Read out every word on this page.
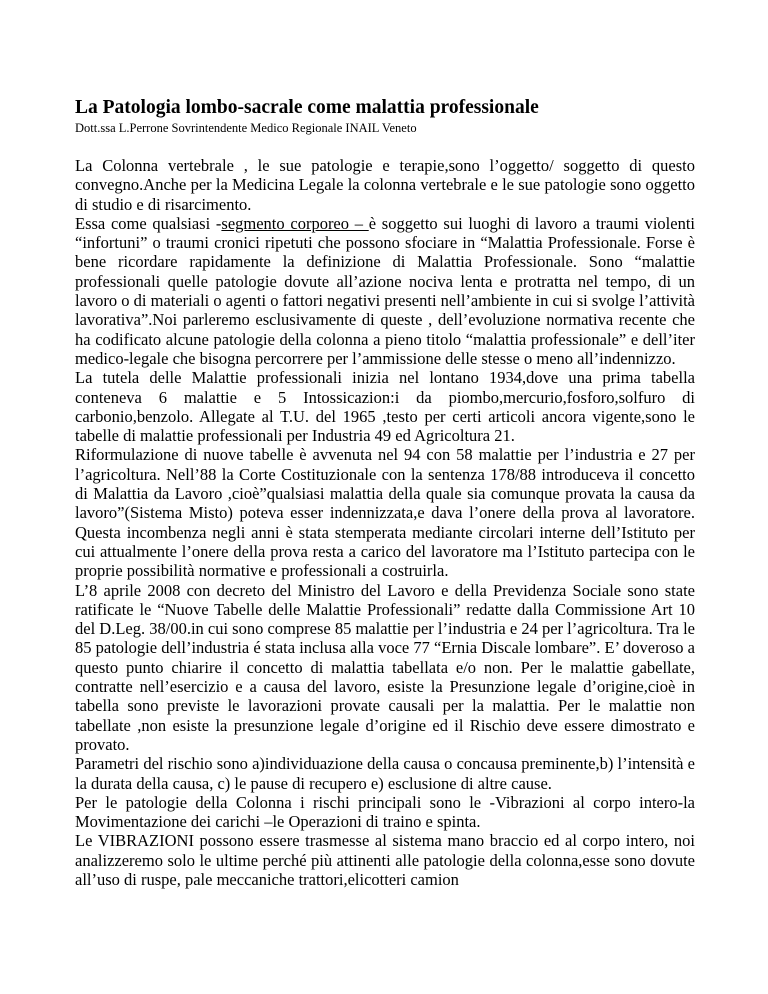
La Patologia lombo-sacrale come malattia professionale
Dott.ssa L.Perrone Sovrintendente Medico Regionale INAIL Veneto

La Colonna vertebrale , le sue patologie e terapie,sono l’oggetto/ soggetto di questo convegno.Anche per la Medicina Legale la colonna vertebrale e le sue patologie sono oggetto di studio e di risarcimento.

Essa come qualsiasi -segmento corporeo – è soggetto sui luoghi di lavoro a traumi violenti “infortuni” o traumi cronici ripetuti che possono sfociare in “Malattia Professionale. Forse è bene ricordare rapidamente la definizione di Malattia Professionale. Sono “malattie professionali quelle patologie dovute all’azione nociva lenta e protratta nel tempo, di un lavoro o di materiali o agenti o fattori negativi presenti nell’ambiente in cui si svolge l’attività lavorativa”.Noi parleremo esclusivamente di queste , dell’evoluzione normativa recente che ha codificato alcune patologie della colonna a pieno titolo “malattia professionale” e dell’iter medico-legale che bisogna percorrere per l’ammissione delle stesse o meno all’indennizzo.

La tutela delle Malattie professionali inizia nel lontano 1934,dove una prima tabella conteneva 6 malattie e 5 Intossicazion:i da piombo,mercurio,fosforo,solfuro di carbonio,benzolo. Allegate al T.U. del 1965 ,testo per certi articoli ancora vigente,sono le tabelle di malattie professionali per Industria 49 ed Agricoltura 21.

Riformulazione di nuove tabelle è avvenuta nel 94 con 58 malattie per l’industria e 27 per l’agricoltura. Nell’88 la Corte Costituzionale con la sentenza 178/88 introduceva il concetto di Malattia da Lavoro ,cioè”qualsiasi malattia della quale sia comunque provata la causa da lavoro”(Sistema Misto) poteva esser indennizzata,e dava l’onere della prova al lavoratore. Questa incombenza negli anni è stata stemperata mediante circolari interne dell’Istituto per cui attualmente l’onere della prova resta a carico del lavoratore ma l’Istituto partecipa con le proprie possibilità normative e professionali a costruirla.

L’8 aprile 2008 con decreto del Ministro del Lavoro e della Previdenza Sociale sono state ratificate le “Nuove Tabelle delle Malattie Professionali” redatte dalla Commissione Art 10 del D.Leg. 38/00.in cui sono comprese 85 malattie per l’industria e 24 per l’agricoltura. Tra le 85 patologie dell’industria é stata inclusa alla voce 77 “Ernia Discale lombare”. E’ doveroso a questo punto chiarire il concetto di malattia tabellata e/o non. Per le malattie gabellate, contratte nell’esercizio e a causa del lavoro, esiste la Presunzione legale d’origine,cioè in tabella sono previste le lavorazioni provate causali per la malattia. Per le malattie non tabellate ,non esiste la presunzione legale d’origine ed il Rischio deve essere dimostrato e provato.

Parametri del rischio sono a)individuazione della causa o concausa preminente,b) l’intensità e la durata della causa, c) le pause di recupero e) esclusione di altre cause.

Per le patologie della Colonna i rischi principali sono le -Vibrazioni al corpo intero-la Movimentazione dei carichi –le Operazioni di traino e spinta.

Le VIBRAZIONI possono essere trasmesse al sistema mano braccio ed al corpo intero, noi analizzeremo solo le ultime perché più attinenti alle patologie della colonna,esse sono dovute all’uso di ruspe, pale meccaniche trattori,elicotteri camion
